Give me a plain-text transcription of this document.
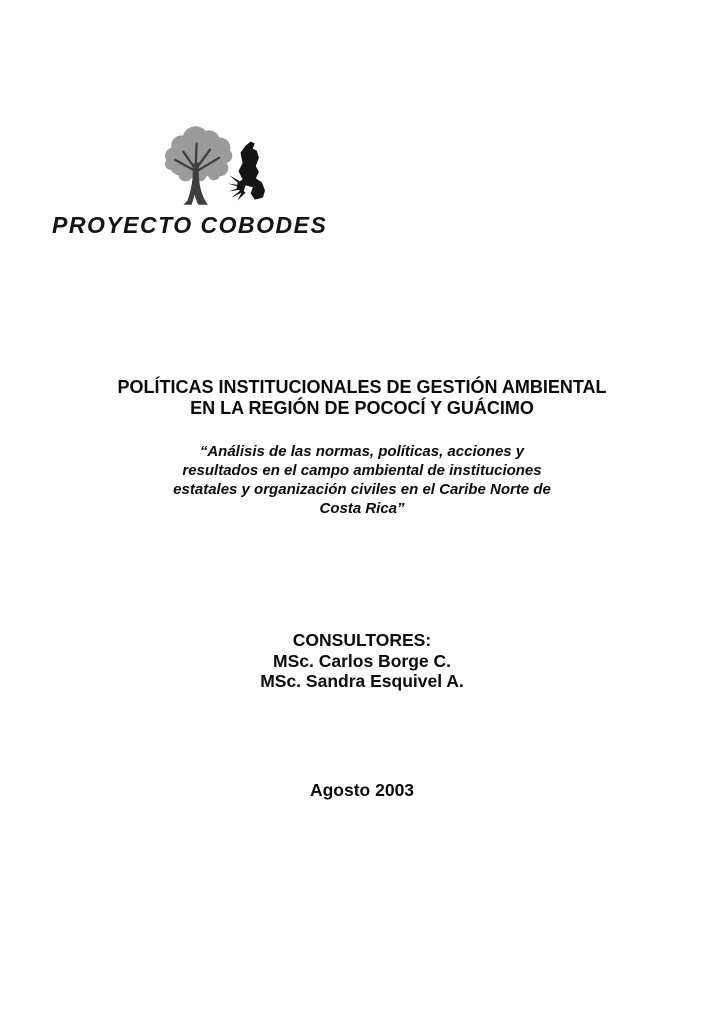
PROYECTO COBODES
POLÍTICAS INSTITUCIONALES DE GESTIÓN AMBIENTAL
EN LA REGIÓN DE POCOCÍ Y GUÁCIMO
“Análisis de las normas, políticas, acciones y
resultados en el campo ambiental de instituciones
estatales y organización civiles en el Caribe Norte de
Costa Rica”
CONSULTORES:
MSc. Carlos Borge C.
MSc. Sandra Esquivel A.
Agosto 2003
